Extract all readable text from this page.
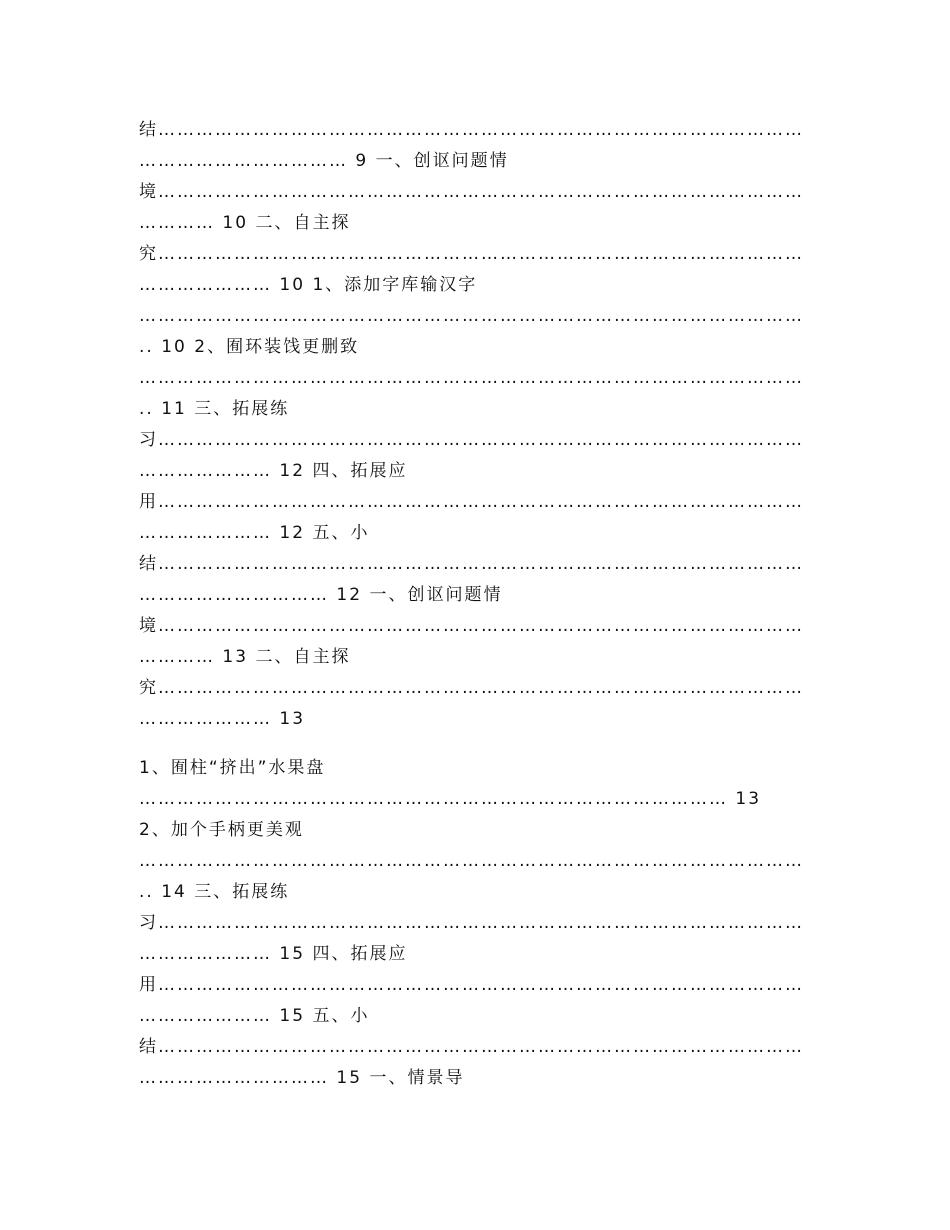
结…………………………………………………………………………………………
…………………………… 9 一、创讴问题情
境…………………………………………………………………………………………
………… 10 二、自主探
究…………………………………………………………………………………………
………………… 10 1、添加字库输汉字
……………………………………………………………………………………………
.. 10 2、囿环装饯更删致
……………………………………………………………………………………………
.. 11 三、拓展练
习…………………………………………………………………………………………
………………… 12 四、拓展应
用…………………………………………………………………………………………
………………… 12 五、小
结…………………………………………………………………………………………
………………………… 12 一、创讴问题情
境…………………………………………………………………………………………
………… 13 二、自主探
究…………………………………………………………………………………………
………………… 13
1、囿柱“挤出”水果盘
………………………………………………………………………………… 13
2、加个手柄更美观
……………………………………………………………………………………………
.. 14 三、拓展练
习…………………………………………………………………………………………
………………… 15 四、拓展应
用…………………………………………………………………………………………
………………… 15 五、小
结…………………………………………………………………………………………
………………………… 15 一、情景导
